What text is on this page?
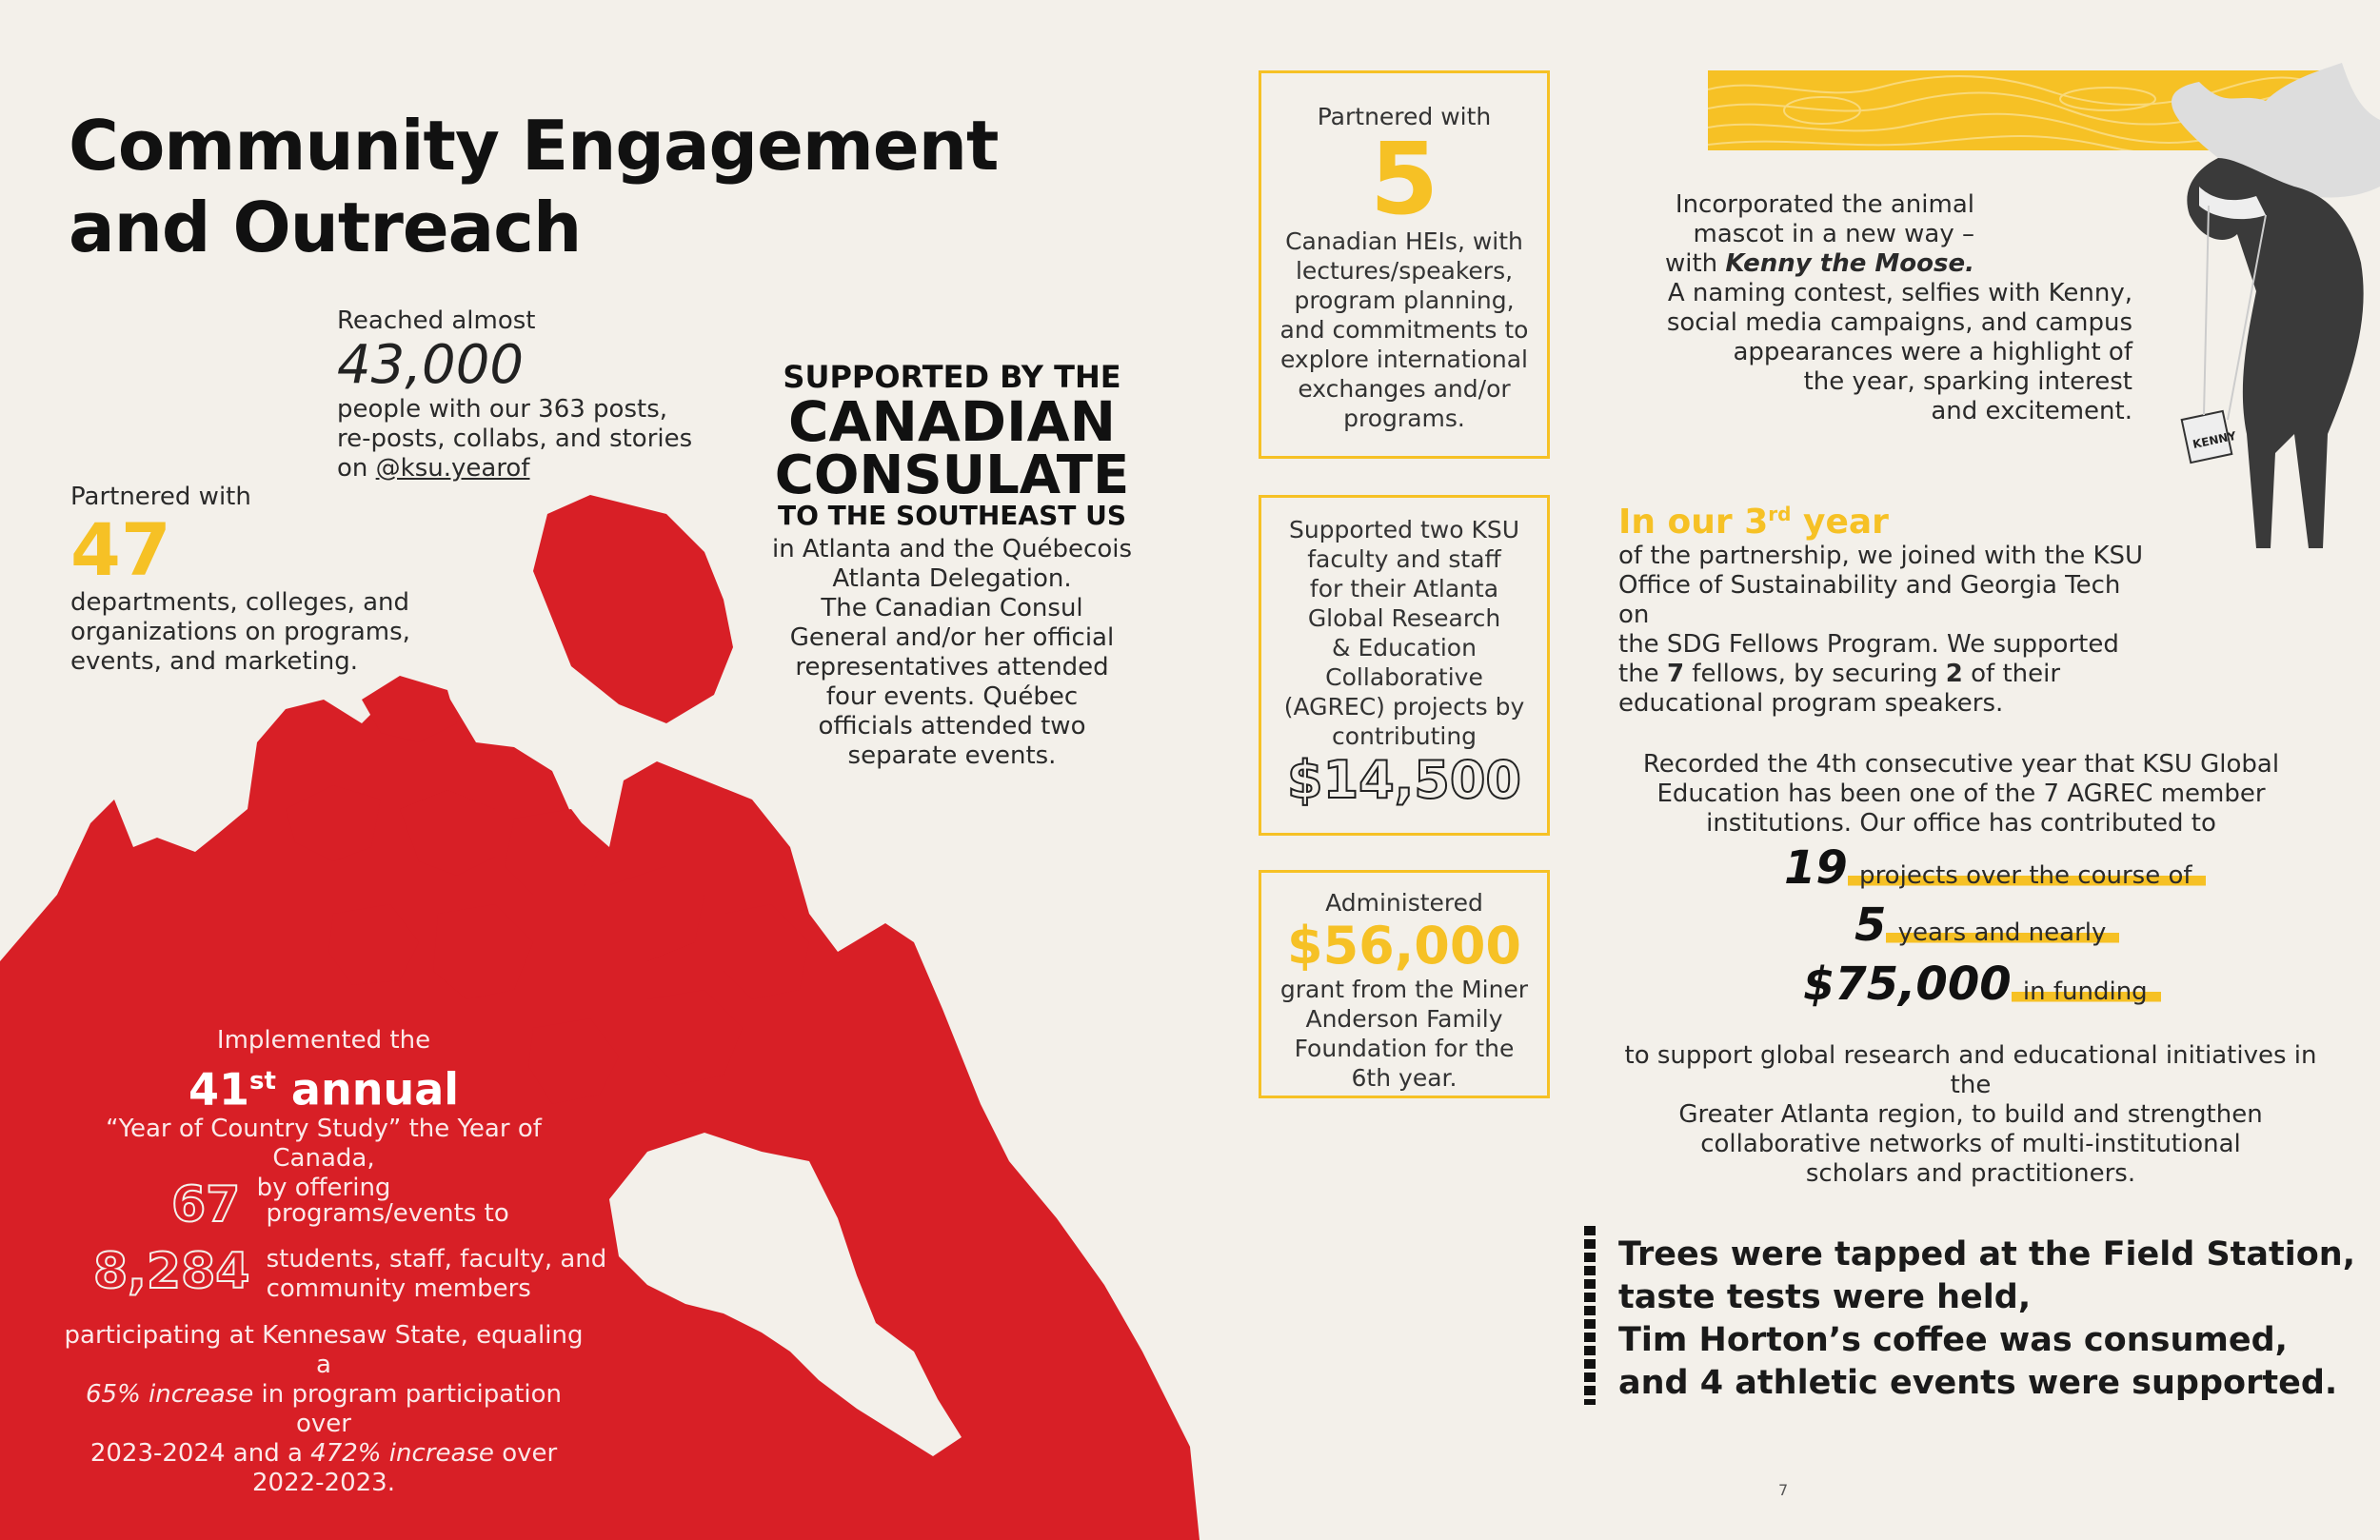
Community Engagement
and Outreach
Reached almost
43,000
people with our 363 posts,
re-posts, collabs, and stories
on @ksu.yearof
Partnered with
47
departments, colleges, and
organizations on programs,
events, and marketing.
SUPPORTED BY THE
CANADIAN
CONSULATE
TO THE SOUTHEAST US
in Atlanta and the Québecois
Atlanta Delegation.
The Canadian Consul
General and/or her official
representatives attended
four events. Québec
officials attended two
separate events.
Implemented the
41st annual
“Year of Country Study” the Year of Canada,
by offering
67 programs/events to
8,284 students, staff, faculty, and
community members
participating at Kennesaw State, equaling a
65% increase in program participation over
2023-2024 and a 472% increase over
2022-2023.
Partnered with
5
Canadian HEIs, with
lectures/speakers,
program planning,
and commitments to
explore international
exchanges and/or
programs.
Supported two KSU
faculty and staff
for their Atlanta
Global Research
& Education
Collaborative
(AGREC) projects by
contributing
$14,500
Administered
$56,000
grant from the Miner
Anderson Family
Foundation for the
6th year.
KENNY
Incorporated the animal
mascot in a new way –
with Kenny the Moose.
A naming contest, selfies with Kenny,
social media campaigns, and campus
appearances were a highlight of
the year, sparking interest
and excitement.
In our 3rd year
of the partnership, we joined with the KSU
Office of Sustainability and Georgia Tech on
the SDG Fellows Program. We supported
the 7 fellows, by securing 2 of their
educational program speakers.
Recorded the 4th consecutive year that KSU Global
Education has been one of the 7 AGREC member
institutions. Our office has contributed to
19 projects over the course of
5 years and nearly
$75,000 in funding
to support global research and educational initiatives in the
Greater Atlanta region, to build and strengthen
collaborative networks of multi-institutional
scholars and practitioners.
Trees were tapped at the Field Station,
taste tests were held,
Tim Horton’s coffee was consumed,
and 4 athletic events were supported.
7
